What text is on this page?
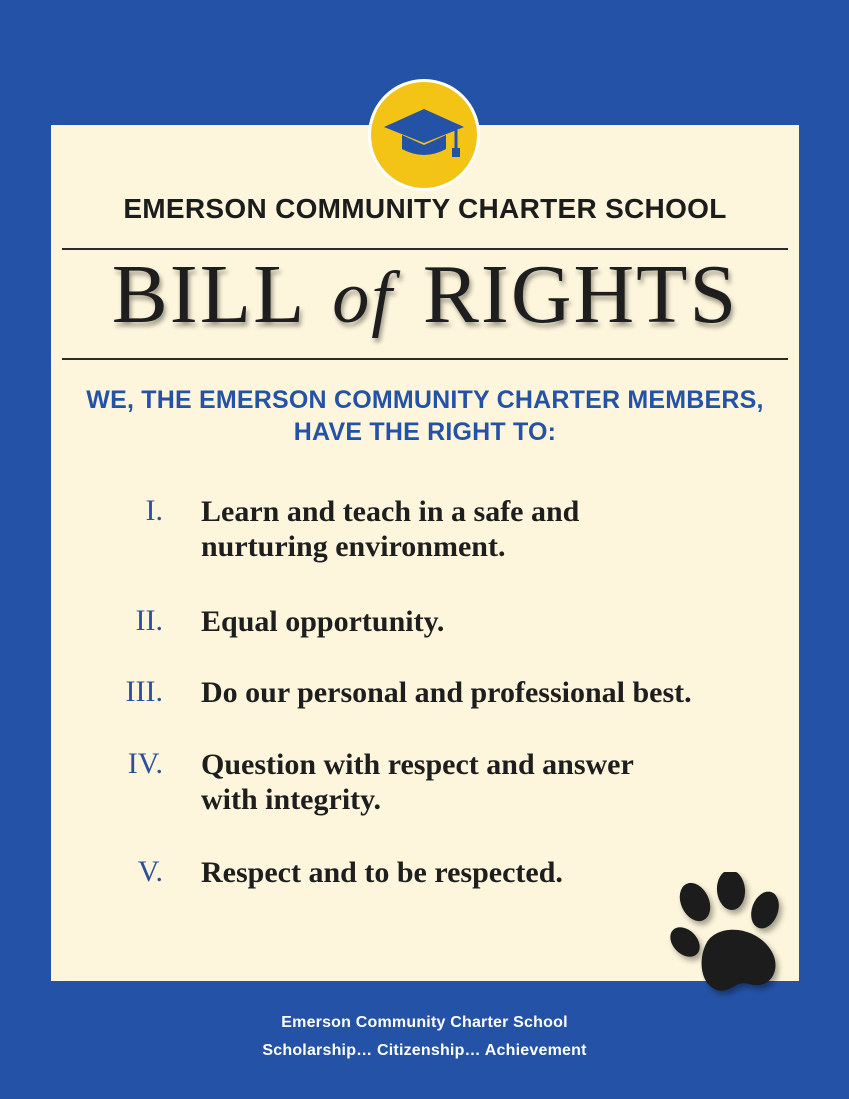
EMERSON COMMUNITY CHARTER SCHOOL
BILL of RIGHTS
WE, THE EMERSON COMMUNITY CHARTER MEMBERS,
HAVE THE RIGHT TO:
I. Learn and teach in a safe and
nurturing environment.
II. Equal opportunity.
III. Do our personal and professional best.
IV. Question with respect and answer
with integrity.
V. Respect and to be respected.
Emerson Community Charter School
Scholarship… Citizenship… Achievement
